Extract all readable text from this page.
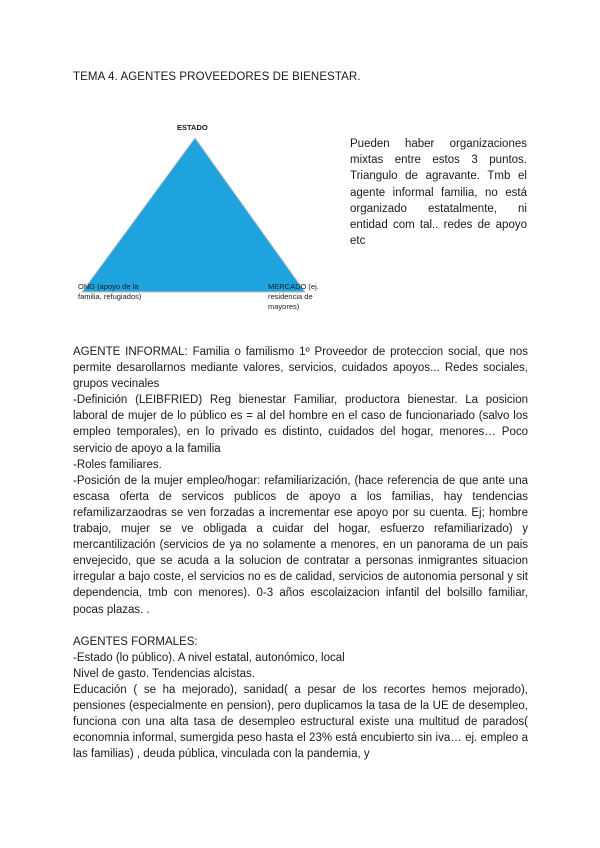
TEMA 4. AGENTES PROVEEDORES DE BIENESTAR.
ESTADO
ONG (apoyo de la familia, refugiados)
MERCADO (ej. residencia de mayores)

Pueden haber organizaciones mixtas entre estos 3 puntos. Triangulo de agravante. Tmb el agente informal familia, no está organizado estatalmente, ni entidad com tal.. redes de apoyo etc

AGENTE INFORMAL: Familia o familismo 1º Proveedor de proteccion social, que nos permite desarollarnos mediante valores, servicios, cuidados apoyos... Redes sociales, grupos vecinales

-Definición (LEIBFRIED) Reg bienestar Familiar, productora bienestar. La posicion laboral de mujer de lo público es = al del hombre en el caso de funcionariado (salvo los empleo temporales), en lo privado es distinto, cuidados del hogar, menores… Poco servicio de apoyo a la familia

-Roles familiares.

-Posición de la mujer empleo/hogar: refamiliarización, (hace referencia de que ante una escasa oferta de servicos publicos de apoyo a los familias, hay tendencias refamilizarzaodras se ven forzadas a incrementar ese apoyo por su cuenta. Ej; hombre trabajo, mujer se ve obligada a cuidar del hogar, esfuerzo refamiliarizado) y mercantilización (servicios de ya no solamente a menores, en un panorama de un pais envejecido, que se acuda a la solucion de contratar a personas inmigrantes situacion irregular a bajo coste, el servicios no es de calidad, servicios de autonomia personal y sit dependencia, tmb con menores). 0-3 años escolaizacion infantil del bolsillo familiar, pocas plazas. .

AGENTES FORMALES:

-Estado (lo público). A nivel estatal, autonómico, local

Nivel de gasto. Tendencias alcistas.

Educación ( se ha mejorado), sanidad( a pesar de los recortes hemos mejorado), pensiones (especialmente en pension), pero duplicamos la tasa de la UE de desempleo, funciona con una alta tasa de desempleo estructural existe una multitud de parados( economnia informal, sumergida peso hasta el 23% está encubierto sin iva… ej. empleo a las familias) , deuda pública, vinculada con la pandemia, y
